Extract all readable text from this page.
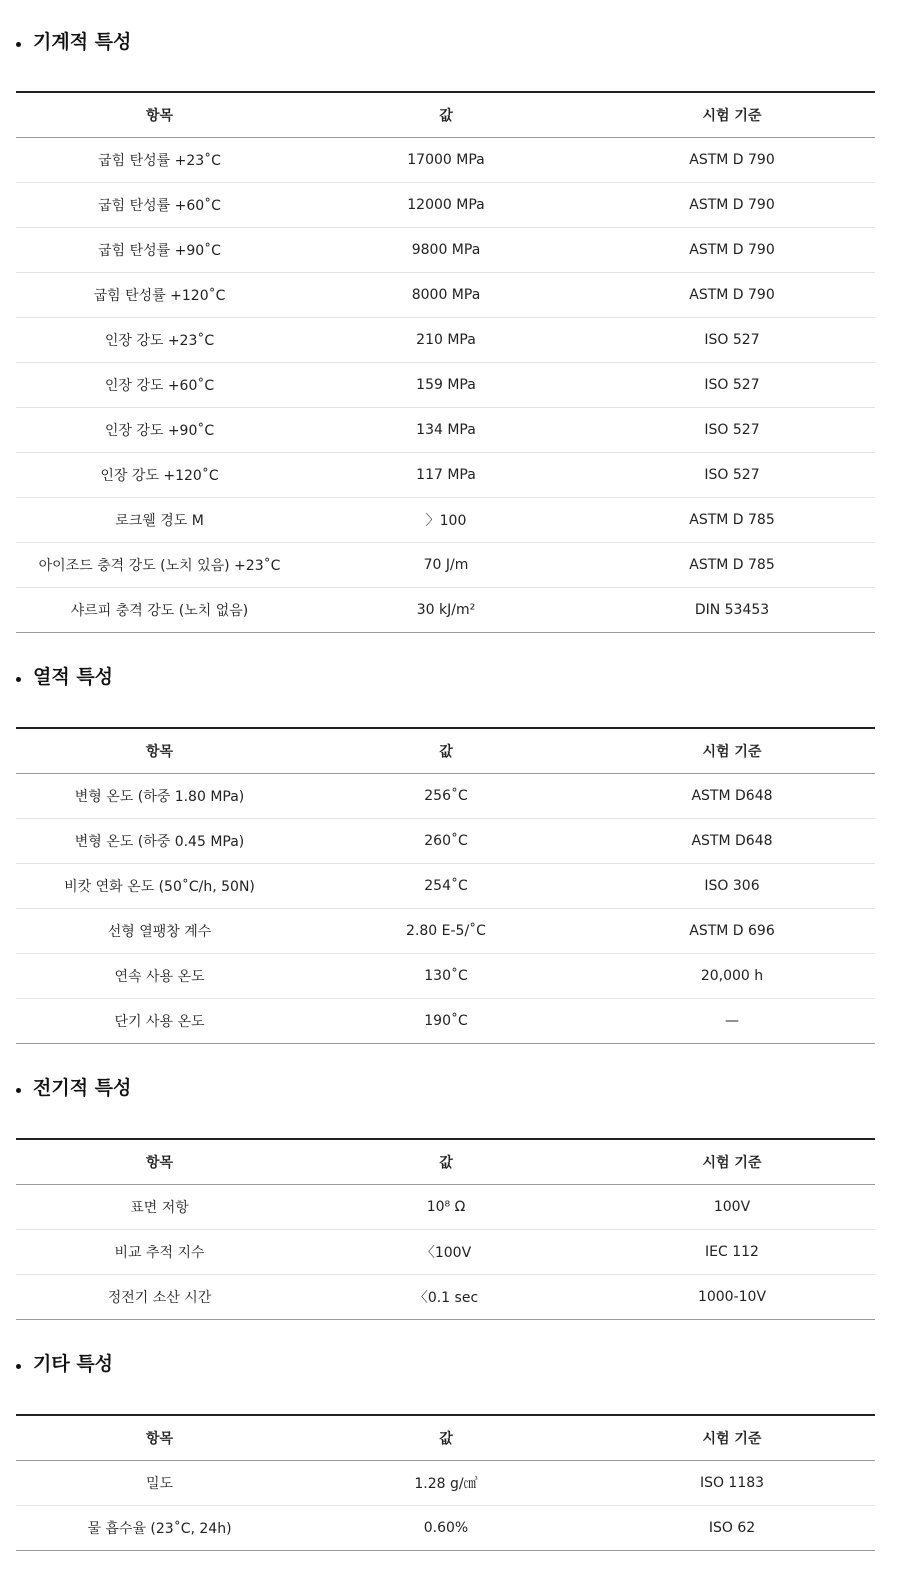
기계적 특성
항목	값	시험 기준
굽힘 탄성률 +23˚C	17000 MPa	ASTM D 790
굽힘 탄성률 +60˚C	12000 MPa	ASTM D 790
굽힘 탄성률 +90˚C	9800 MPa	ASTM D 790
굽힘 탄성률 +120˚C	8000 MPa	ASTM D 790
인장 강도 +23˚C	210 MPa	ISO 527
인장 강도 +60˚C	159 MPa	ISO 527
인장 강도 +90˚C	134 MPa	ISO 527
인장 강도 +120˚C	117 MPa	ISO 527
로크웰 경도 M	〉100	ASTM D 785
아이조드 충격 강도 (노치 있음) +23˚C	70 J/m	ASTM D 785
샤르피 충격 강도 (노치 없음)	30 kJ/m²	DIN 53453
열적 특성
항목	값	시험 기준
변형 온도 (하중 1.80 MPa)	256˚C	ASTM D648
변형 온도 (하중 0.45 MPa)	260˚C	ASTM D648
비캇 연화 온도 (50˚C/h, 50N)	254˚C	ISO 306
선형 열팽창 계수	2.80 E-5/˚C	ASTM D 696
연속 사용 온도	130˚C	20,000 h
단기 사용 온도	190˚C	—
전기적 특성
항목	값	시험 기준
표면 저항	10⁸ Ω	100V
비교 추적 지수	〈100V	IEC 112
정전기 소산 시간	〈0.1 sec	1000-10V
기타 특성
항목	값	시험 기준
밀도	1.28 g/㎤	ISO 1183
물 흡수율 (23˚C, 24h)	0.60%	ISO 62
